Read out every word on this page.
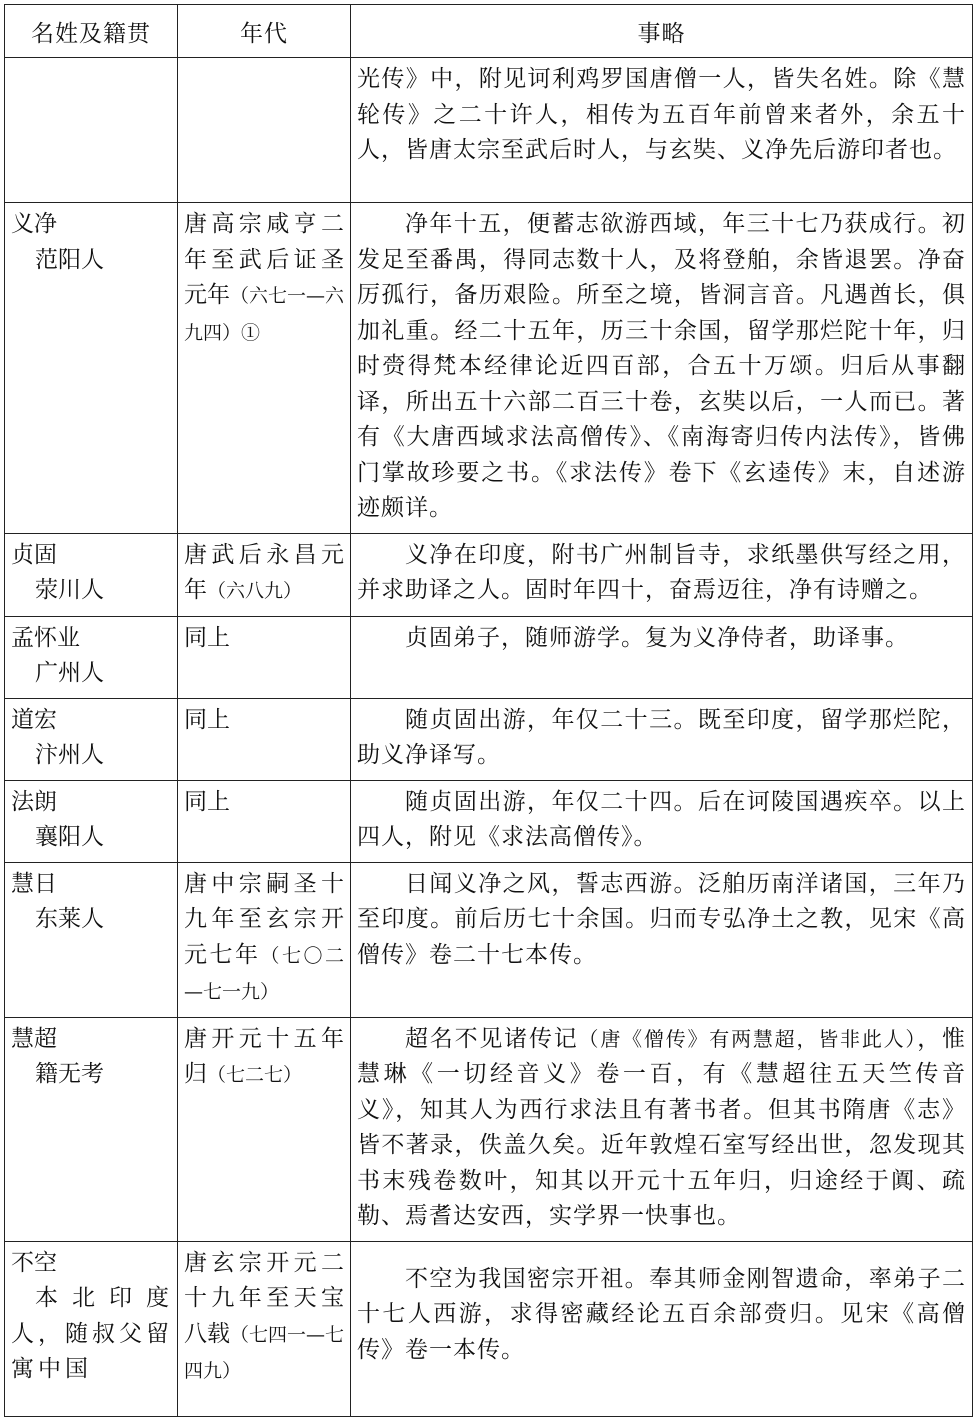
名姓及籍贯	年代	事略
		光传》中，附见诃利鸡罗国唐僧一人，皆失名姓。除《慧轮传》之二十许人，相传为五百年前曾来者外，余五十人，皆唐太宗至武后时人，与玄奘、义净先后游印者也。

义净
范阳人	唐高宗咸亨二年至武后证圣元年（六七一—六九四）①	净年十五，便蓄志欲游西域，年三十七乃获成行。初发足至番禺，得同志数十人，及将登舶，余皆退罢。净奋厉孤行，备历艰险。所至之境，皆洞言音。凡遇酋长，俱加礼重。经二十五年，历三十余国，留学那烂陀十年，归时赍得梵本经律论近四百部，合五十万颂。归后从事翻译，所出五十六部二百三十卷，玄奘以后，一人而已。著有《大唐西域求法高僧传》、《南海寄归传内法传》，皆佛门掌故珍要之书。《求法传》卷下《玄逵传》末，自述游迹颇详。

贞固
荥川人	唐武后永昌元年（六八九）	义净在印度，附书广州制旨寺，求纸墨供写经之用，并求助译之人。固时年四十，奋焉迈往，净有诗赠之。

孟怀业
广州人	同上	贞固弟子，随师游学。复为义净侍者，助译事。

道宏
汴州人	同上	随贞固出游，年仅二十三。既至印度，留学那烂陀，助义净译写。

法朗
襄阳人	同上	随贞固出游，年仅二十四。后在诃陵国遇疾卒。以上四人，附见《求法高僧传》。

慧日
东莱人	唐中宗嗣圣十九年至玄宗开元七年（七〇二—七一九）	日闻义净之风，誓志西游。泛舶历南洋诸国，三年乃至印度。前后历七十余国。归而专弘净土之教，见宋《高僧传》卷二十七本传。

慧超
籍无考	唐开元十五年归（七二七）	超名不见诸传记（唐《僧传》有两慧超，皆非此人），惟慧琳《一切经音义》卷一百，有《慧超往五天竺传音义》，知其人为西行求法且有著书者。但其书隋唐《志》皆不著录，佚盖久矣。近年敦煌石室写经出世，忽发现其书末残卷数叶，知其以开元十五年归，归途经于阗、疏勒、焉耆达安西，实学界一快事也。

不空
本北印度人，随叔父留寓中国	唐玄宗开元二十九年至天宝八载（七四一—七四九）	不空为我国密宗开祖。奉其师金刚智遗命，率弟子二十七人西游，求得密藏经论五百余部赍归。见宋《高僧传》卷一本传。
